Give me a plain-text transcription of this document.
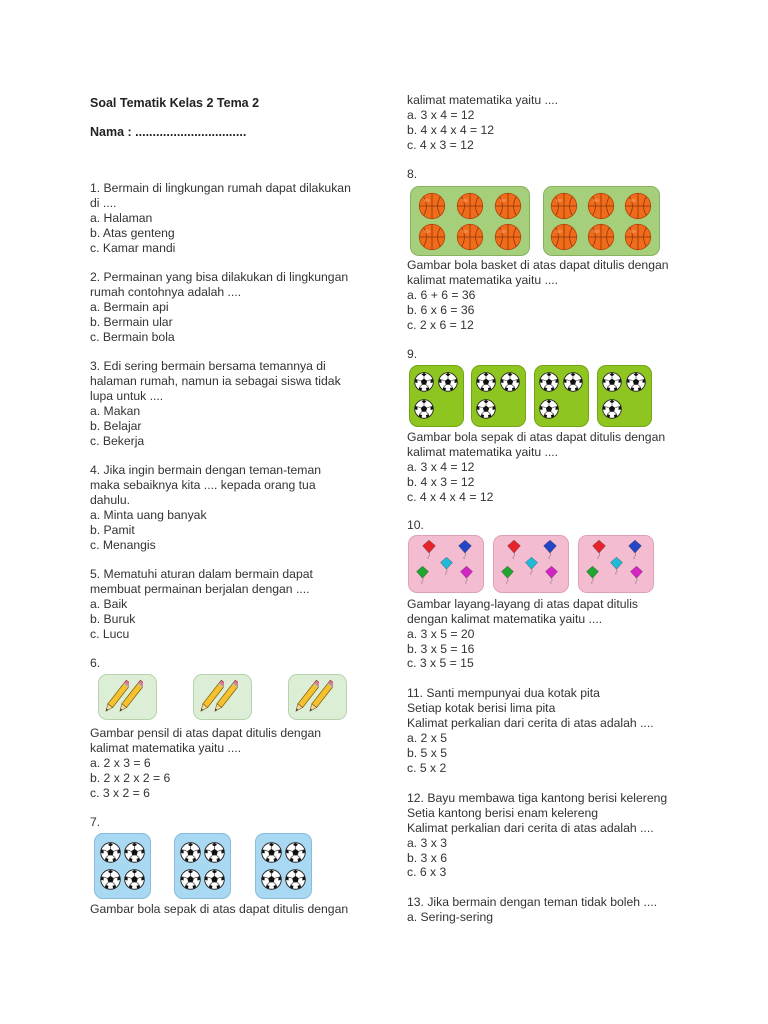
Soal Tematik Kelas 2 Tema 2
Nama : ................................
1. Bermain di lingkungan rumah dapat dilakukan
di ....
a. Halaman
b. Atas genteng
c. Kamar mandi
2. Permainan yang bisa dilakukan di lingkungan
rumah contohnya adalah ....
a. Bermain api
b. Bermain ular
c. Bermain bola
3. Edi sering bermain bersama temannya di
halaman rumah, namun ia sebagai siswa tidak
lupa untuk ....
a. Makan
b. Belajar
c. Bekerja
4. Jika ingin bermain dengan teman-teman
maka sebaiknya kita .... kepada orang tua
dahulu.
a. Minta uang banyak
b. Pamit
c. Menangis
5. Mematuhi aturan dalam bermain dapat
membuat permainan berjalan dengan ....
a. Baik
b. Buruk
c. Lucu
6.
Gambar pensil di atas dapat ditulis dengan
kalimat matematika yaitu ....
a. 2 x 3 = 6
b. 2 x 2 x 2 = 6
c. 3 x 2 = 6
7.
Gambar bola sepak di atas dapat ditulis dengan
kalimat matematika yaitu ....
a. 3 x 4 = 12
b. 4 x 4 x 4 = 12
c. 4 x 3 = 12
8.
Gambar bola basket di atas dapat ditulis dengan
kalimat matematika yaitu ....
a. 6 + 6 = 36
b. 6 x 6 = 36
c. 2 x 6 = 12
9.
Gambar bola sepak di atas dapat ditulis dengan
kalimat matematika yaitu ....
a. 3 x 4 = 12
b. 4 x 3 = 12
c. 4 x 4 x 4 = 12
10.
Gambar layang-layang di atas dapat ditulis
dengan kalimat matematika yaitu ....
a. 3 x 5 = 20
b. 3 x 5 = 16
c. 3 x 5 = 15
11. Santi mempunyai dua kotak pita
Setiap kotak berisi lima pita
Kalimat perkalian dari cerita di atas adalah ....
a. 2 x 5
b. 5 x 5
c. 5 x 2
12. Bayu membawa tiga kantong berisi kelereng
Setia kantong berisi enam kelereng
Kalimat perkalian dari cerita di atas adalah ....
a. 3 x 3
b. 3 x 6
c. 6 x 3
13. Jika bermain dengan teman tidak boleh ....
a. Sering-sering
